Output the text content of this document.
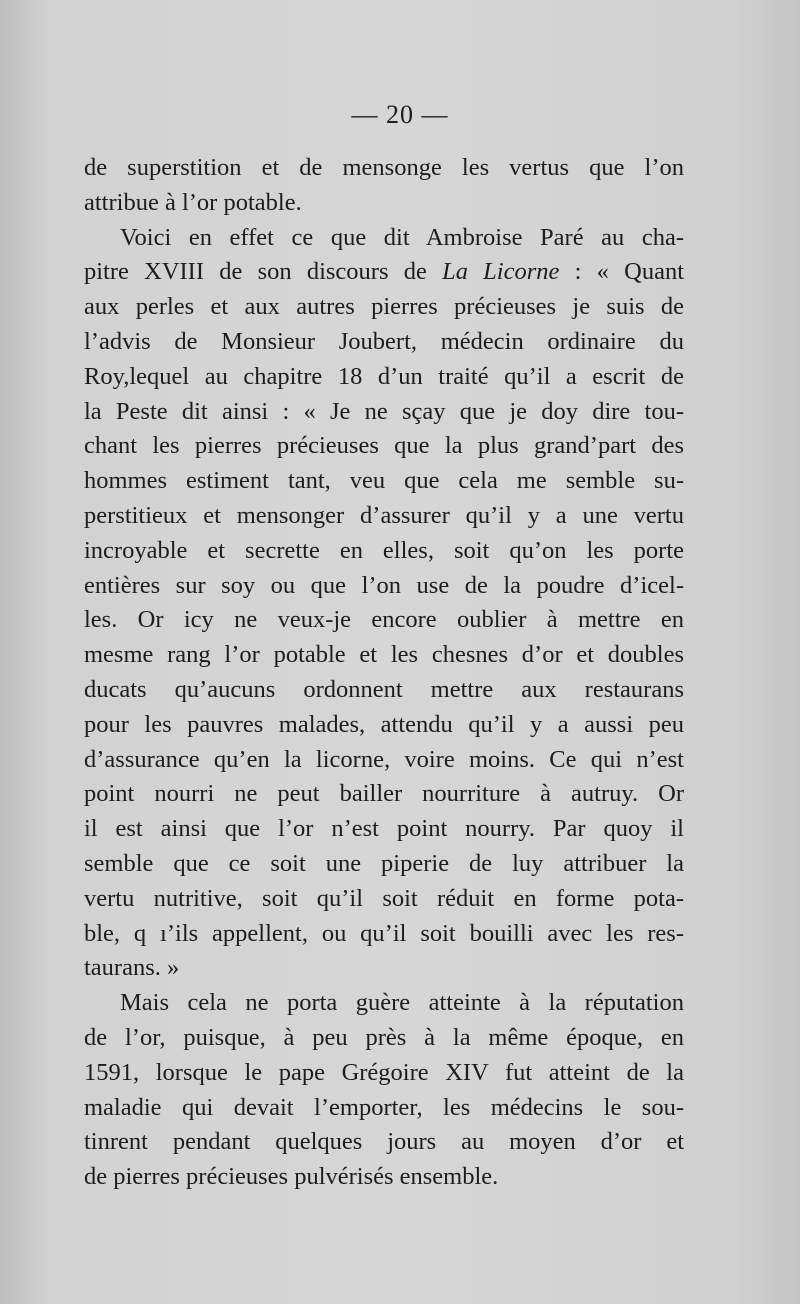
— 20 —
de superstition et de mensonge les vertus que l’on
attribue à l’or potable.
Voici en effet ce que dit Ambroise Paré au cha-
pitre XVIII de son discours de La Licorne : « Quant
aux perles et aux autres pierres précieuses je suis de
l’advis de Monsieur Joubert, médecin ordinaire du
Roy,lequel au chapitre 18 d’un traité qu’il a escrit de
la Peste dit ainsi : « Je ne sçay que je doy dire tou-
chant les pierres précieuses que la plus grand’part des
hommes estiment tant, veu que cela me semble su-
perstitieux et mensonger d’assurer qu’il y a une vertu
incroyable et secrette en elles, soit qu’on les porte
entières sur soy ou que l’on use de la poudre d’icel-
les. Or icy ne veux-je encore oublier à mettre en
mesme rang l’or potable et les chesnes d’or et doubles
ducats qu’aucuns ordonnent mettre aux restaurans
pour les pauvres malades, attendu qu’il y a aussi peu
d’assurance qu’en la licorne, voire moins. Ce qui n’est
point nourri ne peut bailler nourriture à autruy. Or
il est ainsi que l’or n’est point nourry. Par quoy il
semble que ce soit une piperie de luy attribuer la
vertu nutritive, soit qu’il soit réduit en forme pota-
ble, q ı’ils appellent, ou qu’il soit bouilli avec les res-
taurans. »
Mais cela ne porta guère atteinte à la réputation
de l’or, puisque, à peu près à la même époque, en
1591, lorsque le pape Grégoire XIV fut atteint de la
maladie qui devait l’emporter, les médecins le sou-
tinrent pendant quelques jours au moyen d’or et
de pierres précieuses pulvérisés ensemble.
